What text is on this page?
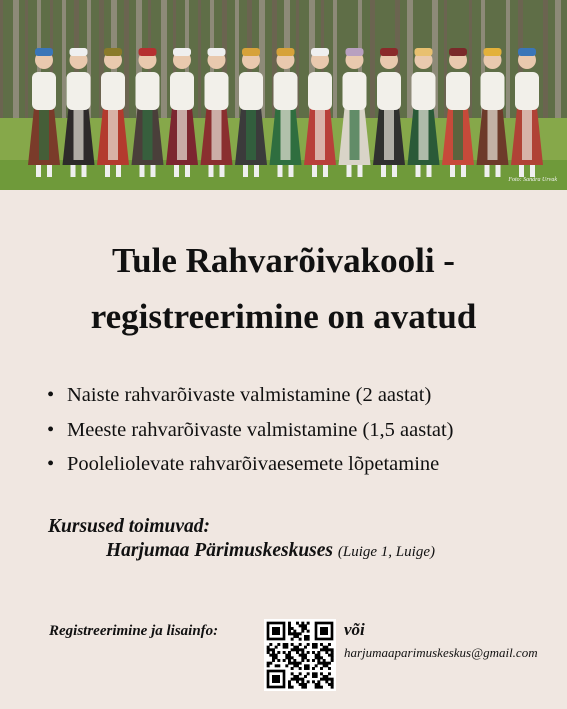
Foto: Sandra Urvak
Tule Rahvarõivakooli -
registreerimine on avatud
• Naiste rahvarõivaste valmistamine (2 aastat)
• Meeste rahvarõivaste valmistamine (1,5 aastat)
• Pooleliolevate rahvarõivaesemete lõpetamine
Kursused toimuvad:
Harjumaa Pärimuskeskuses (Luige 1, Luige)
Registreerimine ja lisainfo:	või
harjumaaparimuskeskus@gmail.com
